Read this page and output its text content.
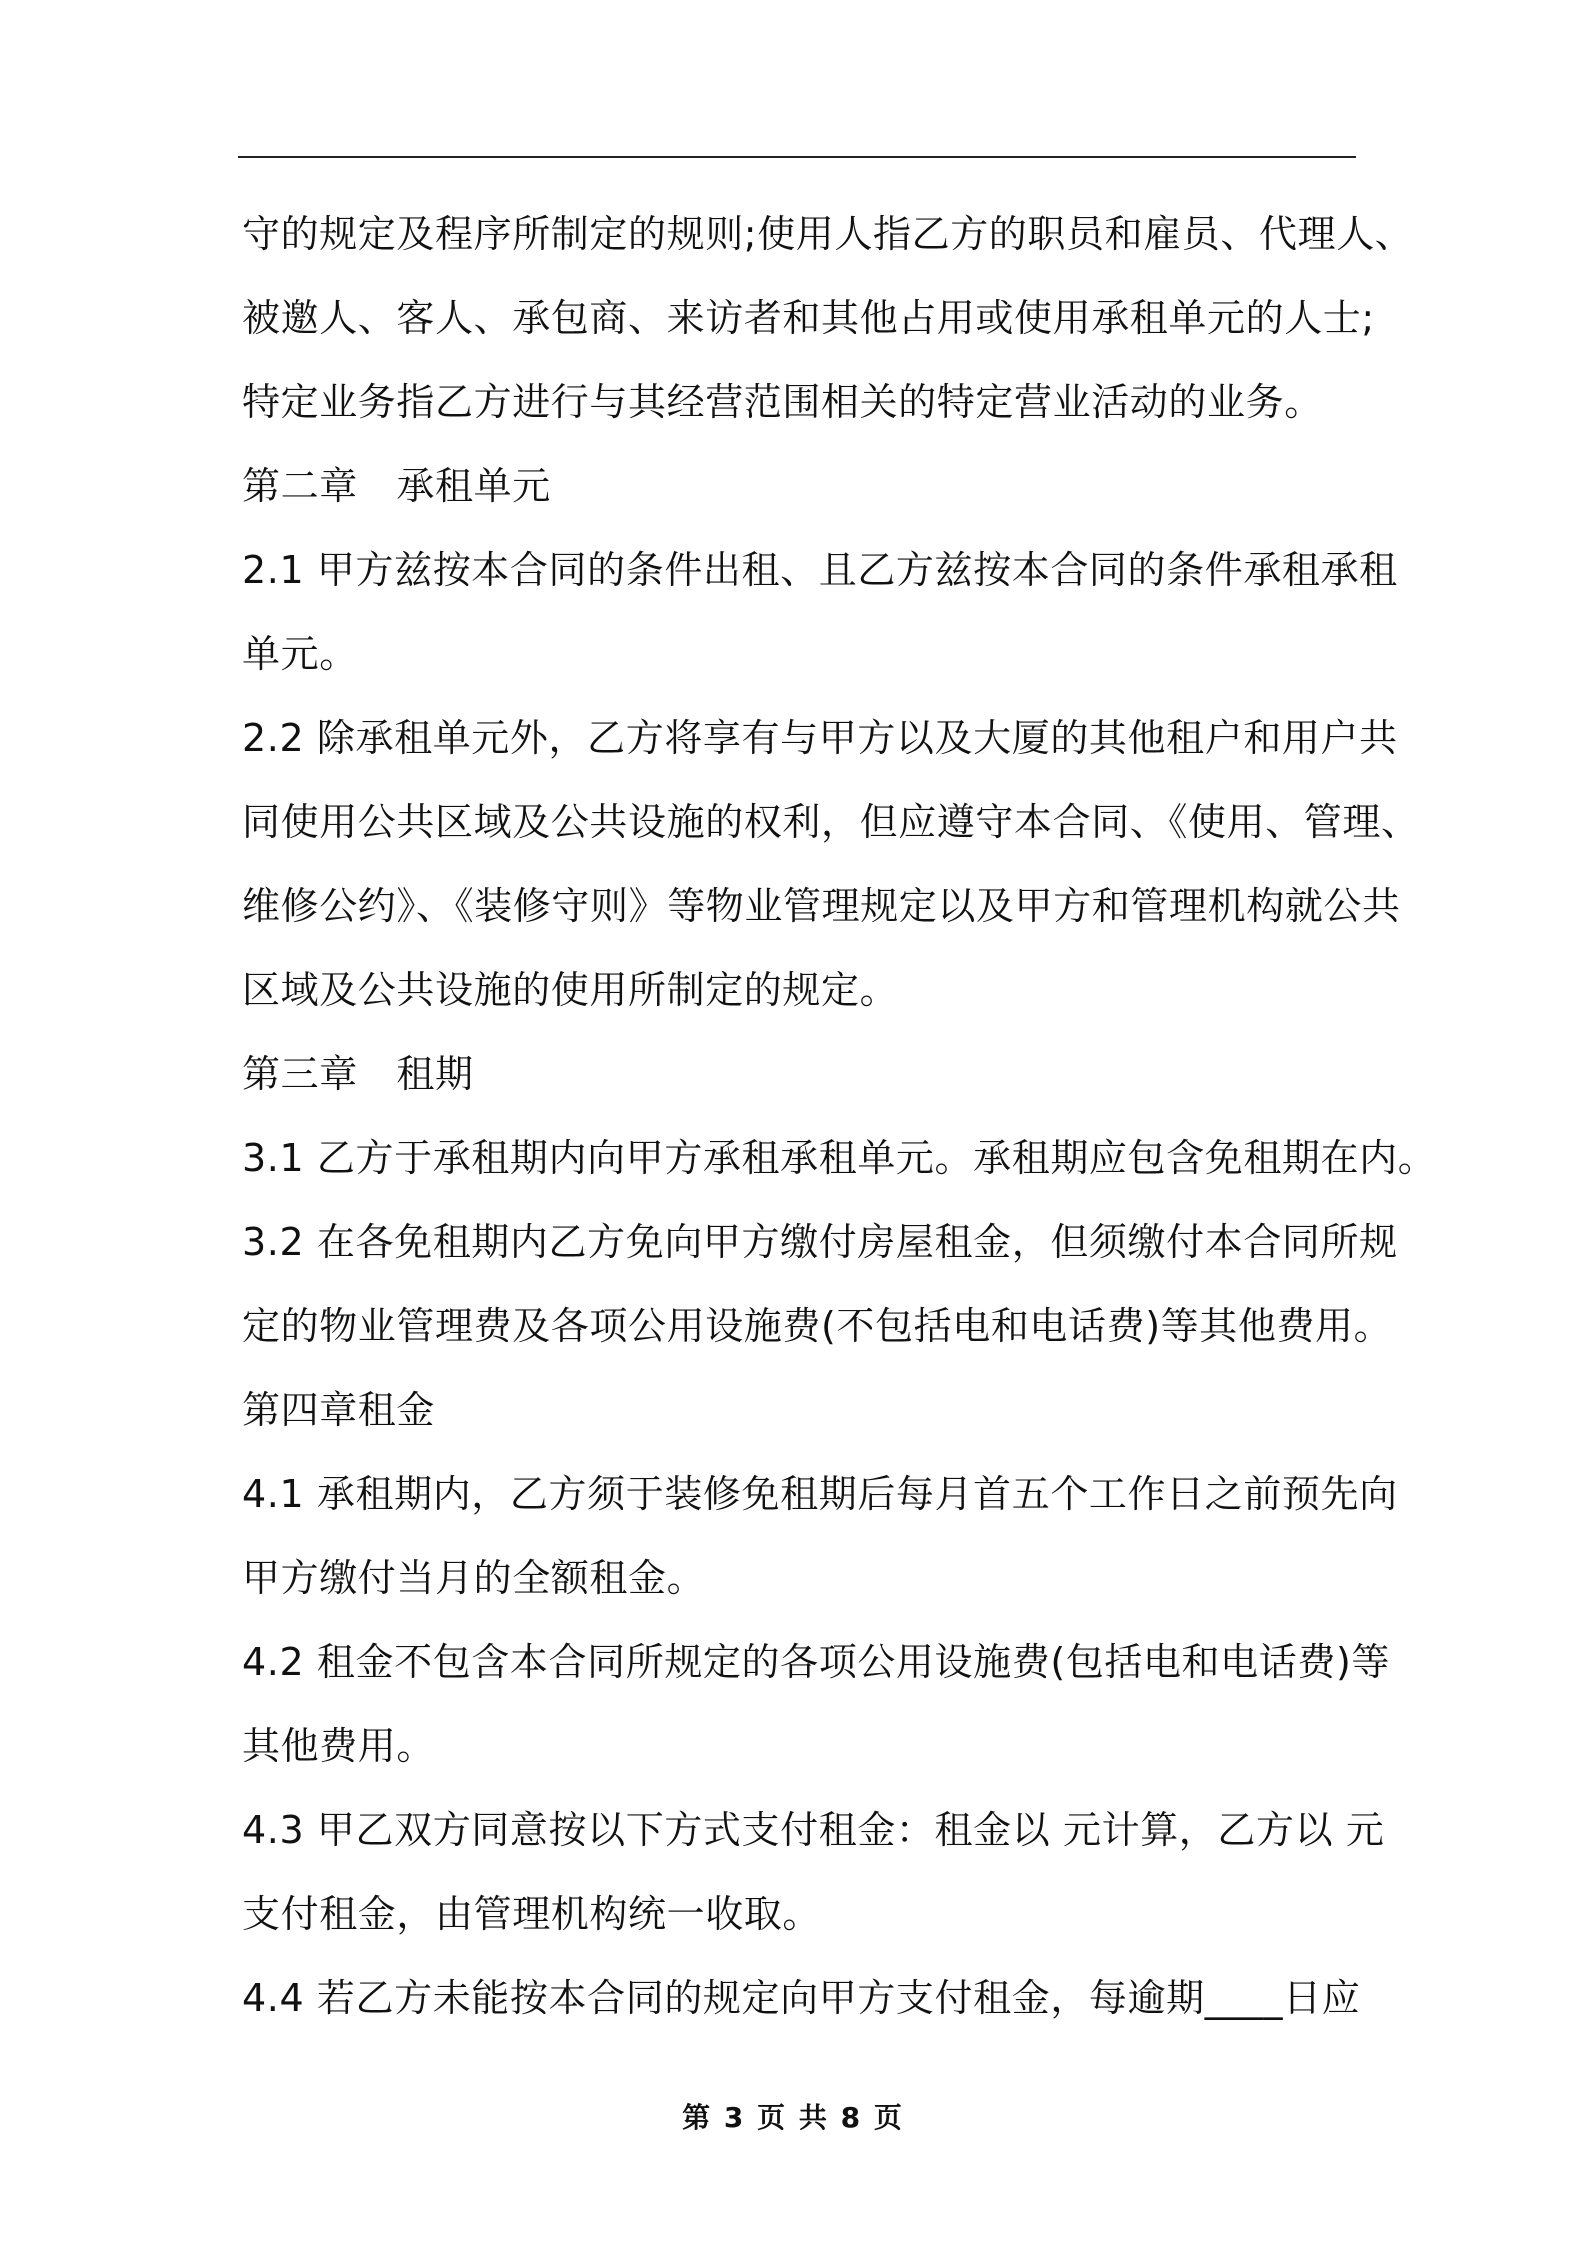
守的规定及程序所制定的规则;使用人指乙方的职员和雇员、代理人、
被邀人、客人、承包商、来访者和其他占用或使用承租单元的人士;
特定业务指乙方进行与其经营范围相关的特定营业活动的业务。
第二章　承租单元
2.1 甲方兹按本合同的条件出租、且乙方兹按本合同的条件承租承租
单元。
2.2 除承租单元外，乙方将享有与甲方以及大厦的其他租户和用户共
同使用公共区域及公共设施的权利，但应遵守本合同、《使用、管理、
维修公约》、《装修守则》等物业管理规定以及甲方和管理机构就公共
区域及公共设施的使用所制定的规定。
第三章　租期
3.1 乙方于承租期内向甲方承租承租单元。承租期应包含免租期在内。
3.2 在各免租期内乙方免向甲方缴付房屋租金，但须缴付本合同所规
定的物业管理费及各项公用设施费(不包括电和电话费)等其他费用。
第四章租金
4.1 承租期内，乙方须于装修免租期后每月首五个工作日之前预先向
甲方缴付当月的全额租金。
4.2 租金不包含本合同所规定的各项公用设施费(包括电和电话费)等
其他费用。
4.3 甲乙双方同意按以下方式支付租金：租金以 元计算，乙方以 元
支付租金，由管理机构统一收取。
4.4 若乙方未能按本合同的规定向甲方支付租金，每逾期____日应
第 3 页 共 8 页
